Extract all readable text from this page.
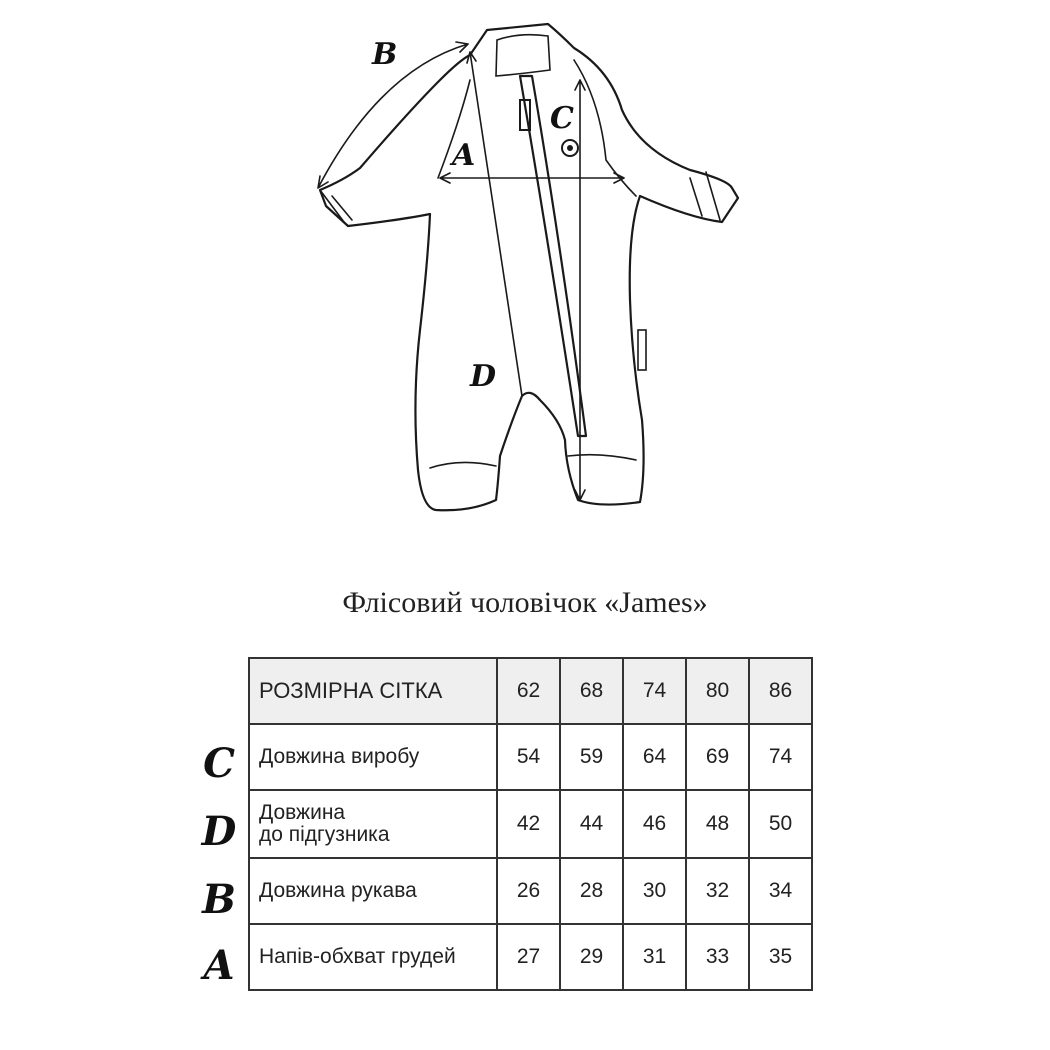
B
A
C
D
Флісовий чоловічок «James»
C
D
B
A
РОЗМІРНА СІТКА	62	68	74	80	86
Довжина виробу	54	59	64	69	74
Довжина
до підгузника	42	44	46	48	50
Довжина рукава	26	28	30	32	34
Напів-обхват грудей	27	29	31	33	35
